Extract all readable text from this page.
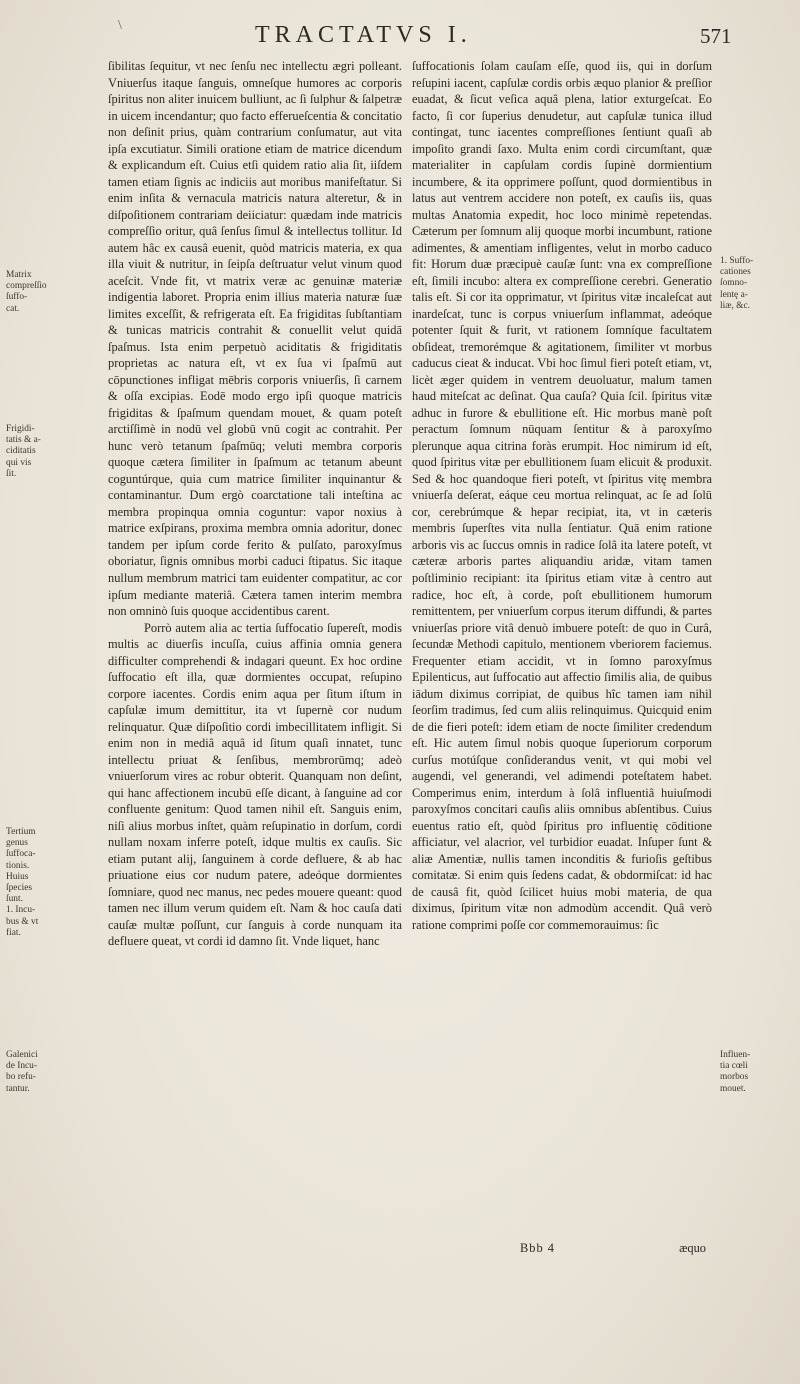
\	TRACTATVS I.	571

ſibilitas ſequitur, vt nec ſenſu nec intellectu ægri polleant. Vniuerſus itaque ſanguis, omneſque humores ac corporis ſpiritus non aliter inuicem bulliunt, ac ſi ſulphur & ſalpetræ in uicem incendantur; quo facto efferueſcentia & concitatio non deſinit prius, quàm contrarium conſumatur, aut vita ipſa excutiatur. Simili oratione etiam de matrice dicendum & explicandum eſt. Cuius etſi quidem ratio alia ſit, iiſdem tamen etiam ſignis ac indiciis aut moribus manifeſtatur. Si enim inſita & vernacula matricis natura alteretur, & in diſpoſitionem contrariam deiiciatur: quædam inde matricis compreſſio oritur, quâ ſenſus ſimul & intellectus tollitur. Id autem hâc ex causâ euenit, quòd matricis materia, ex qua illa viuit & nutritur, in ſeipſa deſtruatur velut vinum quod aceſcit. Vnde fit, vt matrix veræ ac genuinæ materiæ indigentia laboret. Propria enim illius materia naturæ ſuæ limites exceſſit, & refrigerata eſt. Ea frigiditas ſubſtantiam & tunicas matricis contrahit & conuellit velut quidā ſpaſmus. Ista enim perpetuò aciditatis & frigiditatis proprietas ac natura eſt, vt ex ſua vi ſpaſmū aut cōpunctiones infligat mēbris corporis vniuerſis, ſi carnem & oſſa excipias. Eodē modo ergo ipſi quoque matricis frigiditas & ſpaſmum quendam mouet, & quam poteſt arctiſſimè in nodū vel globū vnū cogit ac contrahit. Per hunc verò tetanum ſpaſmūq; veluti membra corporis quoque cætera ſimiliter in ſpaſmum ac tetanum abeunt coguntúrque, quia cum matrice ſimiliter inquinantur & contaminantur. Dum ergò coarctatione tali inteſtina ac membra propinqua omnia coguntur: vapor noxius à matrice exſpirans, proxima membra omnia adoritur, donec tandem per ipſum corde ferito & pulſato, paroxyſmus oboriatur, ſignis omnibus morbi caduci ſtipatus. Sic itaque nullum membrum matrici tam euidenter compatitur, ac cor ipſum mediante materiâ. Cætera tamen interim membra non omninò ſuis quoque accidentibus carent.

Porrò autem alia ac tertia ſuffocatio ſupereſt, modis multis ac diuerſis incuſſa, cuius affinia omnia genera difficulter comprehendi & indagari queunt. Ex hoc ordine ſuffocatio eſt illa, quæ dormientes occupat, reſupino corpore iacentes. Cordis enim aqua per ſitum iſtum in capſulæ imum demittitur, ita vt ſupernè cor nudum relinquatur. Quæ diſpoſitio cordi imbecillitatem infligit. Si enim non in mediâ aquâ id ſitum quaſi innatet, tunc intellectu priuat & ſenſibus, membrorūmq; adeò vniuerſorum vires ac robur obterit. Quanquam non deſint, qui hanc affectionem incubū eſſe dicant, à ſanguine ad cor confluente genitum: Quod tamen nihil eſt. Sanguis enim, niſi alius morbus inſtet, quàm reſupinatio in dorſum, cordi nullam noxam inferre poteſt, idque multis ex cauſis. Sic etiam putant alij, ſanguinem à corde defluere, & ab hac priuatione eius cor nudum patere, adeóque dormientes ſomniare, quod nec manus, nec pedes mouere queant: quod tamen nec illum verum quidem eſt. Nam & hoc cauſa dati cauſæ multæ poſſunt, cur ſanguis à corde nunquam ita defluere queat, vt cordi id damno ſit. Vnde liquet, hanc

ſuffocationis ſolam cauſam eſſe, quod iis, qui in dorſum reſupini iacent, capſulæ cordis orbis æquo planior & preſſior euadat, & ſicut veſica aquâ plena, latior exturgeſcat. Eo facto, ſi cor ſuperius denudetur, aut capſulæ tunica illud contingat, tunc iacentes compreſſiones ſentiunt quaſi ab impoſito grandi ſaxo. Multa enim cordi circumſtant, quæ materialiter in capſulam cordis ſupinè dormientium incumbere, & ita opprimere poſſunt, quod dormientibus in latus aut ventrem accidere non poteſt, ex cauſis iis, quas multas Anatomia expedit, hoc loco minimè repetendas. Cæterum per ſomnum alij quoque morbi incumbunt, ratione adimentes, & amentiam infligentes, velut in morbo caduco fit: Horum duæ præcipuè cauſæ ſunt: vna ex compreſſione eſt, ſimili incubo: altera ex compreſſione cerebri. Generatio talis eſt. Si cor ita opprimatur, vt ſpiritus vitæ incaleſcat aut inardeſcat, tunc is corpus vniuerſum inflammat, adeóque potenter ſquit & furit, vt rationem ſomníque facultatem obſideat, tremorémque & agitationem, ſimiliter vt morbus caducus cieat & inducat. Vbi hoc ſimul fieri poteſt etiam, vt, licèt æger quidem in ventrem deuoluatur, malum tamen haud miteſcat ac deſinat. Qua cauſa? Quia ſcil. ſpiritus vitæ adhuc in furore & ebullitione eſt. Hic morbus manè poſt peractum ſomnum nūquam ſentitur & à paroxyſmo plerunque aqua citrina foràs erumpit. Hoc nimirum id eſt, quod ſpiritus vitæ per ebullitionem ſuam elicuit & produxit. Sed & hoc quandoque fieri poteſt, vt ſpiritus vitę membra vniuerſa deſerat, eáque ceu mortua relinquat, ac ſe ad ſolū cor, cerebrúmque & hepar recipiat, ita, vt in cæteris membris ſuperſtes vita nulla ſentiatur. Quā enim ratione arboris vis ac ſuccus omnis in radice ſolâ ita latere poteſt, vt cæteræ arboris partes aliquandiu aridæ, vitam tamen poſtliminio recipiant: ita ſpiritus etiam vitæ à centro aut radice, hoc eſt, à corde, poſt ebullitionem humorum remittentem, per vniuerſum corpus iterum diffundi, & partes vniuerſas priore vitâ denuò imbuere poteſt: de quo in Curâ, ſecundæ Methodi capitulo, mentionem vberiorem faciemus. Frequenter etiam accidit, vt in ſomno paroxyſmus Epilenticus, aut ſuffocatio aut affectio ſimilis alia, de quibus iādum diximus corripiat, de quibus hîc tamen iam nihil ſeorſim tradimus, ſed cum aliis relinquimus. Quicquid enim de die fieri poteſt: idem etiam de nocte ſimiliter credendum eſt. Hic autem ſimul nobis quoque ſuperiorum corporum curſus motúſque conſiderandus venit, vt qui mobi vel augendi, vel generandi, vel adimendi poteſtatem habet. Comperimus enim, interdum à ſolâ influentiâ huiuſmodi paroxyſmos concitari cauſis aliis omnibus abſentibus. Cuius euentus ratio eſt, quòd ſpiritus pro influentię cōditione afficiatur, vel alacrior, vel turbidior euadat. Inſuper ſunt & aliæ Amentiæ, nullis tamen inconditis & furioſis geſtibus comitatæ. Si enim quis ſedens cadat, & obdormiſcat: id hac de causâ fit, quòd ſcilicet huius mobi materia, de qua diximus, ſpiritum vitæ non admodùm accendit. Quâ verò ratione comprimi poſſe cor commemorauimus: ſic

Matrix
compreſſio ſuffo-
cat.
Frigidi-
tatis & a-
ciditatis
qui vis
ſit.
Tertium
genus
ſuffoca-
tionis.
Huius
ſpecies
ſunt.
1. Incu-
bus & vt
fiat.
Galenici
de Incu-
bo refu-
tantur.
1. Suffo-
cationes
ſomno-
lentę a-
liæ, &c.
Influen-
tia cœli
morbos
mouet.
Bbb 4	æquo
